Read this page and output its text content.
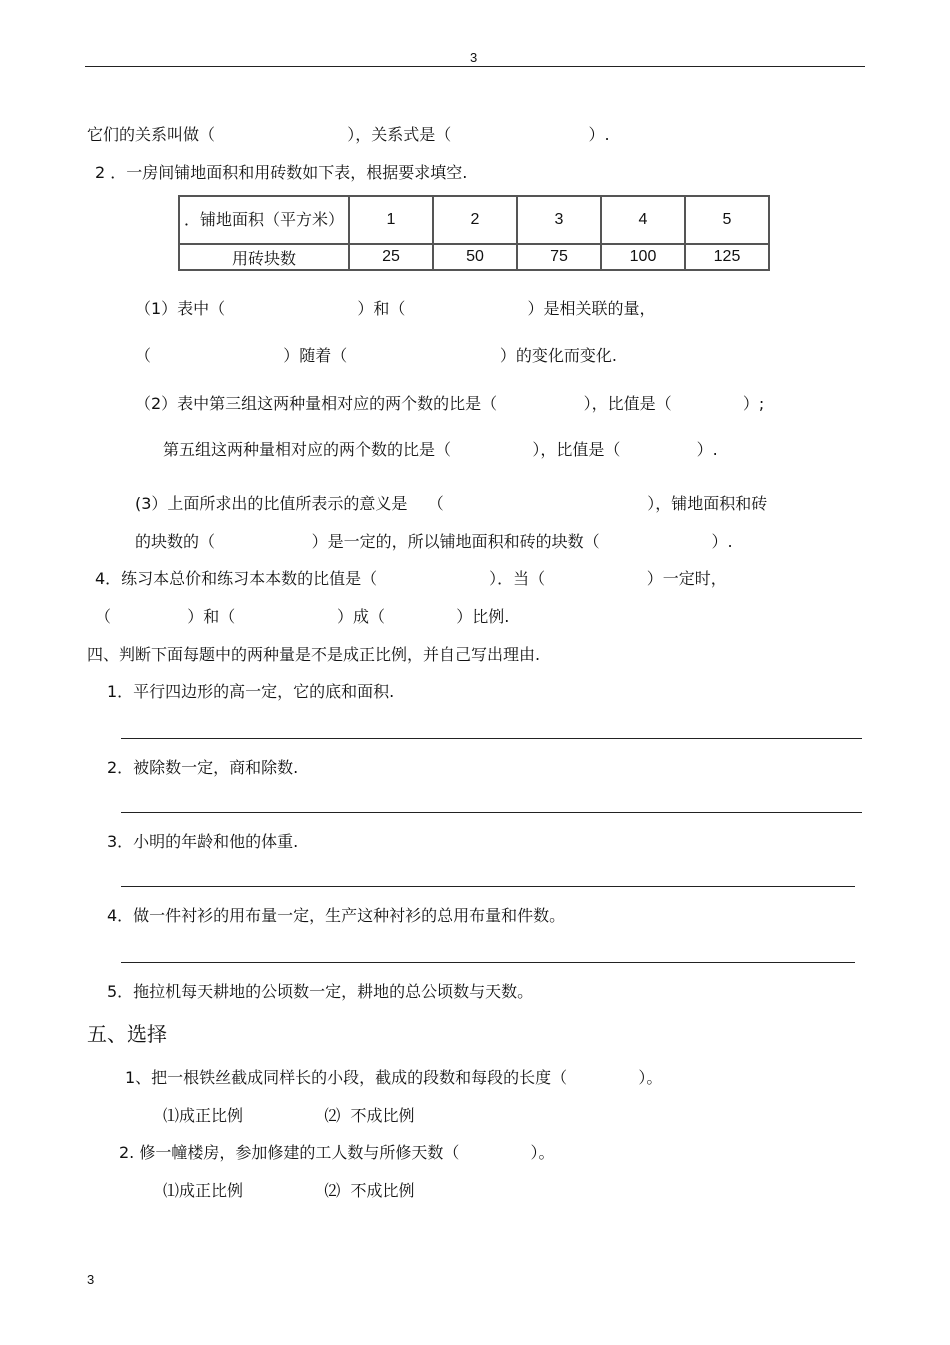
3
它们的关系叫做（                          ），关系式是（                           ）.
2 ．一房间铺地面积和用砖数如下表，根据要求填空.
．铺地面积（平方米）	1	2	3	4	5
用砖块数	25	50	75	100	125
（1）表中（                          ）和（                        ）是相关联的量，
（                          ）随着（                              ）的变化而变化.
（2）表中第三组这两种量相对应的两个数的比是（                 ），比值是（              ）;
第五组这两种量相对应的两个数的比是（                ），比值是（               ）.
(3）上面所求出的比值所表示的意义是    （                                        ），铺地面积和砖
的块数的（                   ）是一定的，所以铺地面积和砖的块数（                      ）.
4．练习本总价和练习本本数的比值是（                      ）．当（                    ）一定时，
（               ）和（                    ）成（              ）比例.
四、判断下面每题中的两种量是不是成正比例，并自己写出理由.
1．平行四边形的高一定，它的底和面积.
2．被除数一定，商和除数.
3．小明的年龄和他的体重.
4．做一件衬衫的用布量一定，生产这种衬衫的总用布量和件数。
5．拖拉机每天耕地的公顷数一定，耕地的总公顷数与天数。
五、选择
1、把一根铁丝截成同样长的小段，截成的段数和每段的长度（              ）。
⑴成正比例                ⑵  不成比例
2. 修一幢楼房，参加修建的工人数与所修天数（              ）。
⑴成正比例                ⑵  不成比例
3
